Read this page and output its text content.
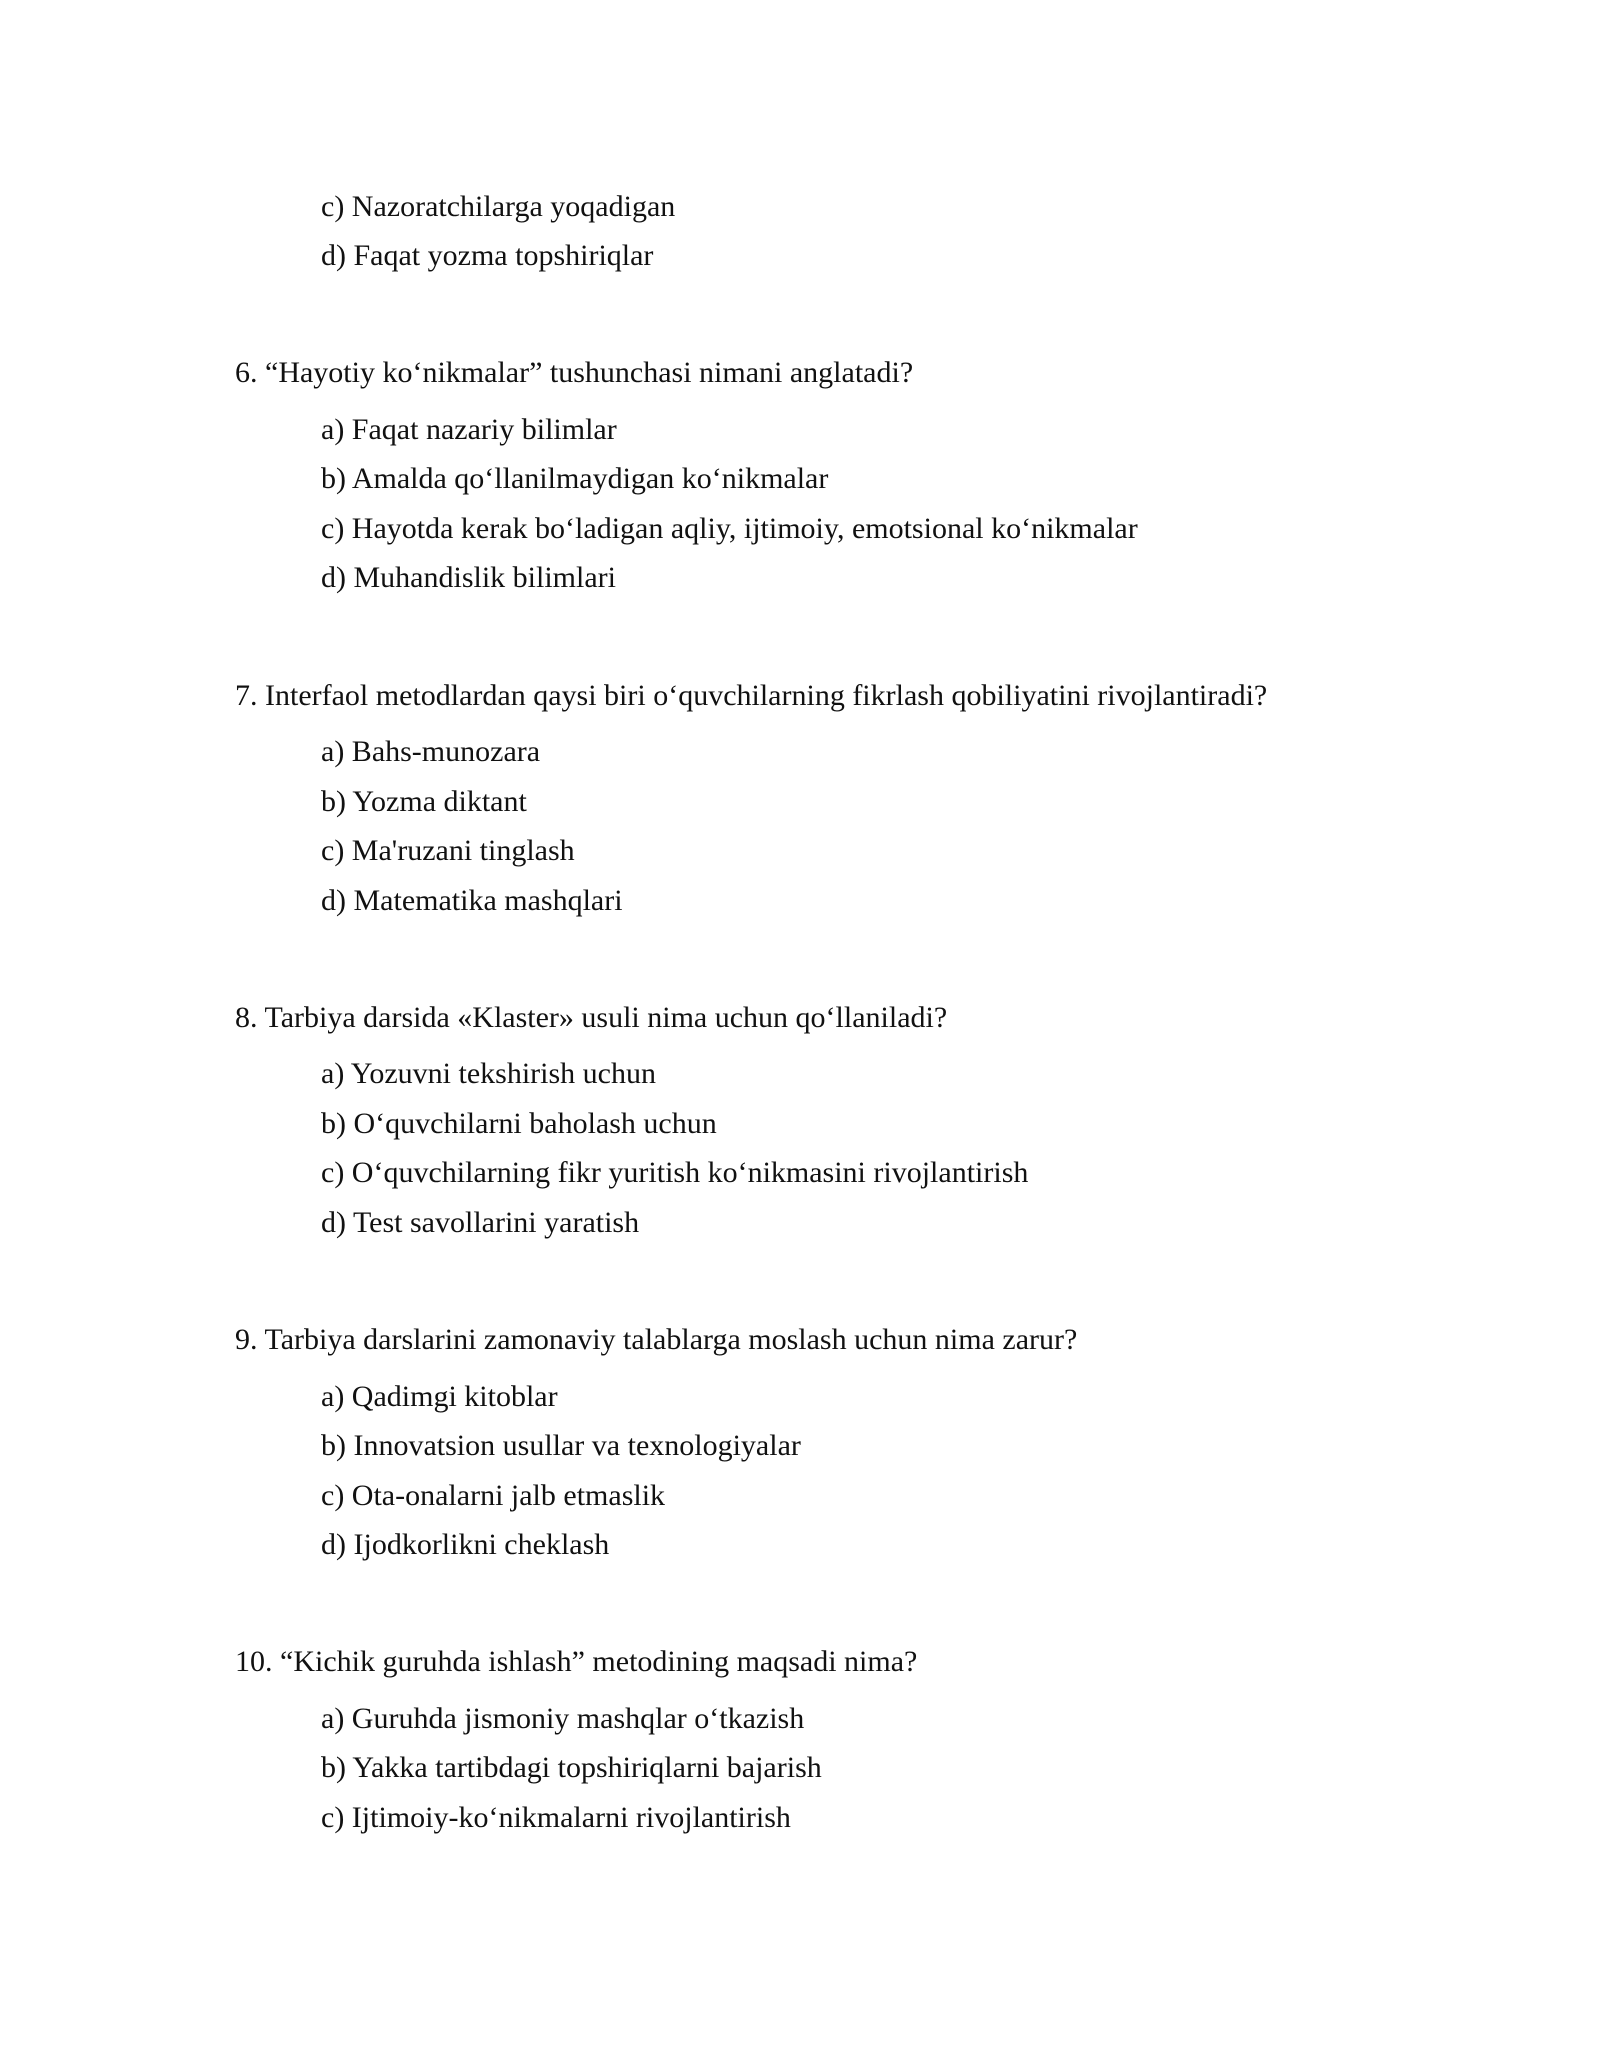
c) Nazoratchilarga yoqadigan
d) Faqat yozma topshiriqlar
6. “Hayotiy koʻnikmalar” tushunchasi nimani anglatadi?
a) Faqat nazariy bilimlar
b) Amalda qoʻllanilmaydigan koʻnikmalar
c) Hayotda kerak boʻladigan aqliy, ijtimoiy, emotsional koʻnikmalar
d) Muhandislik bilimlari
7. Interfaol metodlardan qaysi biri oʻquvchilarning fikrlash qobiliyatini rivojlantiradi?
a) Bahs-munozara
b) Yozma diktant
c) Ma'ruzani tinglash
d) Matematika mashqlari
8. Tarbiya darsida «Klaster» usuli nima uchun qoʻllaniladi?
a) Yozuvni tekshirish uchun
b) Oʻquvchilarni baholash uchun
c) Oʻquvchilarning fikr yuritish koʻnikmasini rivojlantirish
d) Test savollarini yaratish
9. Tarbiya darslarini zamonaviy talablarga moslash uchun nima zarur?
a) Qadimgi kitoblar
b) Innovatsion usullar va texnologiyalar
c) Ota-onalarni jalb etmaslik
d) Ijodkorlikni cheklash
10. “Kichik guruhda ishlash” metodining maqsadi nima?
a) Guruhda jismoniy mashqlar oʻtkazish
b) Yakka tartibdagi topshiriqlarni bajarish
c) Ijtimoiy-koʻnikmalarni rivojlantirish
